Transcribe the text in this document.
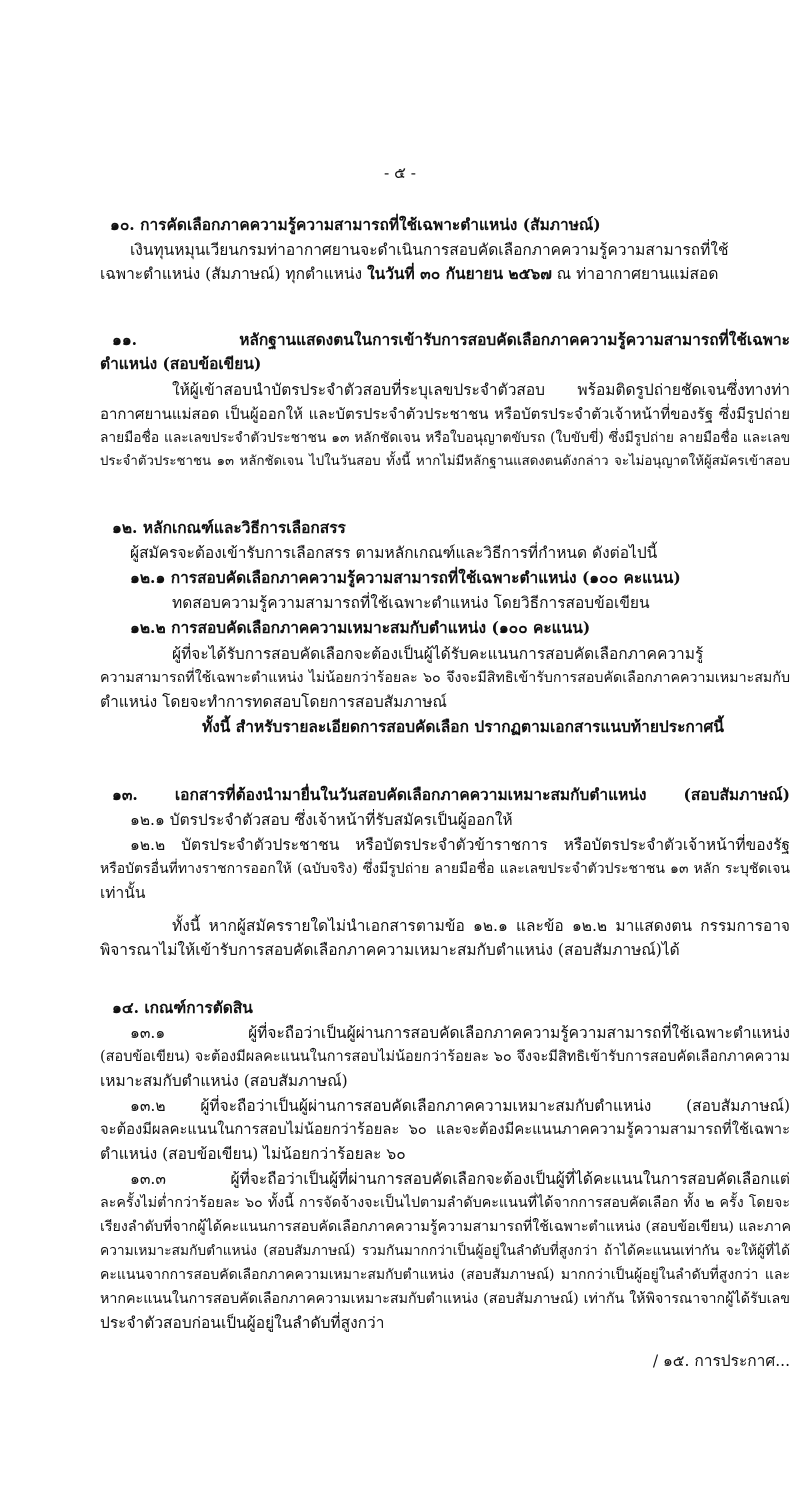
- ๕ -
๑๐. การคัดเลือกภาคความรู้ความสามารถที่ใช้เฉพาะตำแหน่ง (สัมภาษณ์)
เงินทุนหมุนเวียนกรมท่าอากาศยานจะดำเนินการสอบคัดเลือกภาคความรู้ความสามารถที่ใช้
เฉพาะตำแหน่ง (สัมภาษณ์) ทุกตำแหน่ง ในวันที่ ๓๐ กันยายน ๒๕๖๗ ณ ท่าอากาศยานแม่สอด
๑๑. หลักฐานแสดงตนในการเข้ารับการสอบคัดเลือกภาคความรู้ความสามารถที่ใช้เฉพาะ
ตำแหน่ง (สอบข้อเขียน)
ให้ผู้เข้าสอบนำบัตรประจำตัวสอบที่ระบุเลขประจำตัวสอบ พร้อมติดรูปถ่ายชัดเจนซึ่งทางท่า
อากาศยานแม่สอด เป็นผู้ออกให้ และบัตรประจำตัวประชาชน หรือบัตรประจำตัวเจ้าหน้าที่ของรัฐ ซึ่งมีรูปถ่าย
ลายมือชื่อ และเลขประจำตัวประชาชน ๑๓ หลักชัดเจน หรือใบอนุญาตขับรถ (ใบขับขี่) ซึ่งมีรูปถ่าย ลายมือชื่อ และเลข
ประจำตัวประชาชน ๑๓ หลักชัดเจน ไปในวันสอบ ทั้งนี้ หากไม่มีหลักฐานแสดงตนดังกล่าว จะไม่อนุญาตให้ผู้สมัครเข้าสอบ
๑๒. หลักเกณฑ์และวิธีการเลือกสรร
ผู้สมัครจะต้องเข้ารับการเลือกสรร ตามหลักเกณฑ์และวิธีการที่กำหนด ดังต่อไปนี้
๑๒.๑ การสอบคัดเลือกภาคความรู้ความสามารถที่ใช้เฉพาะตำแหน่ง (๑๐๐ คะแนน)
ทดสอบความรู้ความสามารถที่ใช้เฉพาะตำแหน่ง โดยวิธีการสอบข้อเขียน
๑๒.๒ การสอบคัดเลือกภาคความเหมาะสมกับตำแหน่ง (๑๐๐ คะแนน)
ผู้ที่จะได้รับการสอบคัดเลือกจะต้องเป็นผู้ได้รับคะแนนการสอบคัดเลือกภาคความรู้
ความสามารถที่ใช้เฉพาะตำแหน่ง ไม่น้อยกว่าร้อยละ ๖๐ จึงจะมีสิทธิเข้ารับการสอบคัดเลือกภาคความเหมาะสมกับ
ตำแหน่ง โดยจะทำการทดสอบโดยการสอบสัมภาษณ์
ทั้งนี้ สำหรับรายละเอียดการสอบคัดเลือก ปรากฏตามเอกสารแนบท้ายประกาศนี้
๑๓. เอกสารที่ต้องนำมายื่นในวันสอบคัดเลือกภาคความเหมาะสมกับตำแหน่ง (สอบสัมภาษณ์)
๑๒.๑ บัตรประจำตัวสอบ ซึ่งเจ้าหน้าที่รับสมัครเป็นผู้ออกให้
๑๒.๒ บัตรประจำตัวประชาชน หรือบัตรประจำตัวข้าราชการ หรือบัตรประจำตัวเจ้าหน้าที่ของรัฐ
หรือบัตรอื่นที่ทางราชการออกให้ (ฉบับจริง) ซึ่งมีรูปถ่าย ลายมือชื่อ และเลขประจำตัวประชาชน ๑๓ หลัก ระบุชัดเจน
เท่านั้น
ทั้งนี้ หากผู้สมัครรายใดไม่นำเอกสารตามข้อ ๑๒.๑ และข้อ ๑๒.๒ มาแสดงตน กรรมการอาจ
พิจารณาไม่ให้เข้ารับการสอบคัดเลือกภาคความเหมาะสมกับตำแหน่ง (สอบสัมภาษณ์)ได้
๑๔. เกณฑ์การตัดสิน
๑๓.๑ ผู้ที่จะถือว่าเป็นผู้ผ่านการสอบคัดเลือกภาคความรู้ความสามารถที่ใช้เฉพาะตำแหน่ง
(สอบข้อเขียน) จะต้องมีผลคะแนนในการสอบไม่น้อยกว่าร้อยละ ๖๐ จึงจะมีสิทธิเข้ารับการสอบคัดเลือกภาคความ
เหมาะสมกับตำแหน่ง (สอบสัมภาษณ์)
๑๓.๒ ผู้ที่จะถือว่าเป็นผู้ผ่านการสอบคัดเลือกภาคความเหมาะสมกับตำแหน่ง (สอบสัมภาษณ์)
จะต้องมีผลคะแนนในการสอบไม่น้อยกว่าร้อยละ ๖๐ และจะต้องมีคะแนนภาคความรู้ความสามารถที่ใช้เฉพาะ
ตำแหน่ง (สอบข้อเขียน) ไม่น้อยกว่าร้อยละ ๖๐
๑๓.๓ ผู้ที่จะถือว่าเป็นผู้ที่ผ่านการสอบคัดเลือกจะต้องเป็นผู้ที่ได้คะแนนในการสอบคัดเลือกแต่
ละครั้งไม่ต่ำกว่าร้อยละ ๖๐ ทั้งนี้ การจัดจ้างจะเป็นไปตามลำดับคะแนนที่ได้จากการสอบคัดเลือก ทั้ง ๒ ครั้ง โดยจะ
เรียงลำดับที่จากผู้ได้คะแนนการสอบคัดเลือกภาคความรู้ความสามารถที่ใช้เฉพาะตำแหน่ง (สอบข้อเขียน) และภาค
ความเหมาะสมกับตำแหน่ง (สอบสัมภาษณ์) รวมกันมากกว่าเป็นผู้อยู่ในลำดับที่สูงกว่า ถ้าได้คะแนนเท่ากัน จะให้ผู้ที่ได้
คะแนนจากการสอบคัดเลือกภาคความเหมาะสมกับตำแหน่ง (สอบสัมภาษณ์) มากกว่าเป็นผู้อยู่ในลำดับที่สูงกว่า และ
หากคะแนนในการสอบคัดเลือกภาคความเหมาะสมกับตำแหน่ง (สอบสัมภาษณ์) เท่ากัน ให้พิจารณาจากผู้ได้รับเลข
ประจำตัวสอบก่อนเป็นผู้อยู่ในลำดับที่สูงกว่า
/ ๑๕. การประกาศ...
